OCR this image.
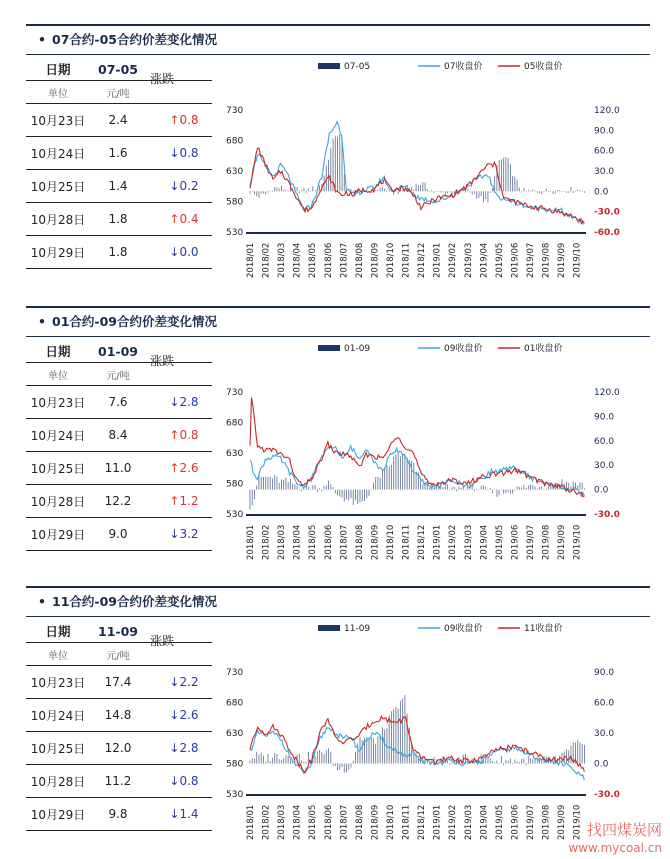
• 07合约-05合约价差变化情况
日期	07-05
单位	元/吨
10月23日	2.4	↑ 0.8
10月24日	1.6	↓ 0.8
10月25日	1.4	↓ 0.2
10月28日	1.8	↑ 0.4
10月29日	1.8	↓ 0.0
涨跌
07-05	07收盘价	05收盘价
530
580
630
680
730
-60.0
-30.0
0.0
30.0
60.0
90.0
120.0
2018/01 2018/02 2018/03 2018/04 2018/05 2018/06 2018/07 2018/08 2018/09 2018/10 2018/11 2018/12 2019/01 2019/02 2019/03 2019/04 2019/05 2019/06 2019/07 2019/08 2019/09 2019/10
• 01合约-09合约价差变化情况
日期	01-09
单位	元/吨
10月23日	7.6	↓ 2.8
10月24日	8.4	↑ 0.8
10月25日	11.0	↑ 2.6
10月28日	12.2	↑ 1.2
10月29日	9.0	↓ 3.2
涨跌
01-09	09收盘价	01收盘价
530
580
630
680
730
-30.0
0.0
30.0
60.0
90.0
120.0
2018/01 2018/02 2018/03 2018/04 2018/05 2018/06 2018/07 2018/08 2018/09 2018/10 2018/11 2018/12 2019/01 2019/02 2019/03 2019/04 2019/05 2019/06 2019/07 2019/08 2019/09 2019/10
• 11合约-09合约价差变化情况
日期	11-09
单位	元/吨
10月23日	17.4	↓ 2.2
10月24日	14.8	↓ 2.6
10月25日	12.0	↓ 2.8
10月28日	11.2	↓ 0.8
10月29日	9.8	↓ 1.4
涨跌
11-09	09收盘价	11收盘价
530
580
630
680
730
-30.0
0.0
30.0
60.0
90.0
2018/01 2018/02 2018/03 2018/04 2018/05 2018/06 2018/07 2018/08 2018/09 2018/10 2018/11 2018/12 2019/01 2019/02 2019/03 2019/04 2019/05 2019/06 2019/07 2019/08 2019/09 2019/10 找四煤炭网
www.mycoal.cn
